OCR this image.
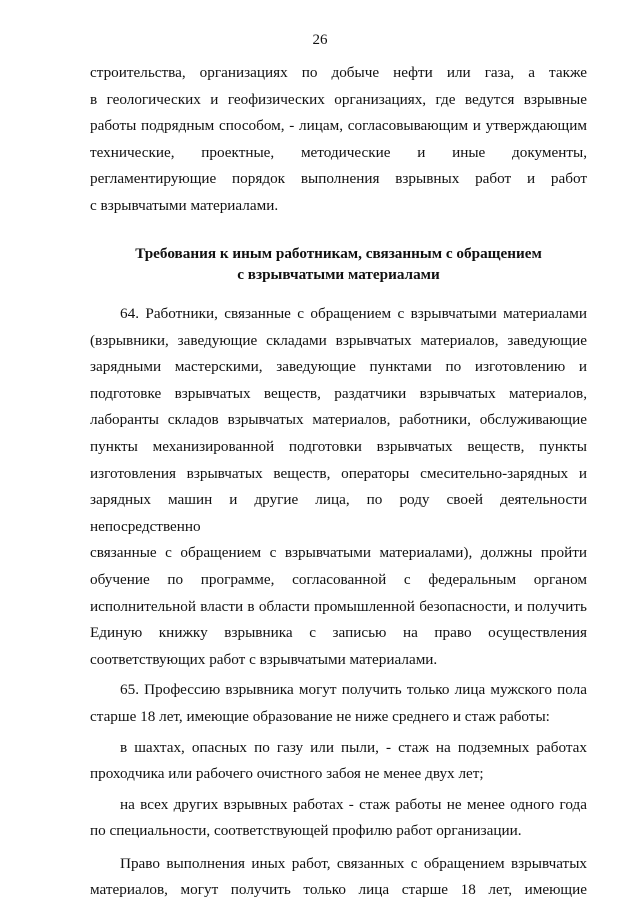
26

строительства, организациях по добыче нефти или газа, а также

в геологических и геофизических организациях, где ведутся взрывные

работы подрядным способом, - лицам, согласовывающим и утверждающим

технические, проектные, методические и иные документы,

регламентирующие порядок выполнения взрывных работ и работ

с взрывчатыми материалами.

Требования к иным работникам, связанным с обращением
с взрывчатыми материалами

64. Работники, связанные с обращением с взрывчатыми материалами

(взрывники, заведующие складами взрывчатых материалов, заведующие

зарядными мастерскими, заведующие пунктами по изготовлению и

подготовке взрывчатых веществ, раздатчики взрывчатых материалов,

лаборанты складов взрывчатых материалов, работники, обслуживающие

пункты механизированной подготовки взрывчатых веществ, пункты

изготовления взрывчатых веществ, операторы смесительно-зарядных и

зарядных машин и другие лица, по роду своей деятельности непосредственно

связанные с обращением с взрывчатыми материалами), должны пройти

обучение по программе, согласованной с федеральным органом

исполнительной власти в области промышленной безопасности, и получить

Единую книжку взрывника с записью на право осуществления

соответствующих работ с взрывчатыми материалами.

65. Профессию взрывника могут получить только лица мужского пола

старше 18 лет, имеющие образование не ниже среднего и стаж работы:

в шахтах, опасных по газу или пыли, - стаж на подземных работах

проходчика или рабочего очистного забоя не менее двух лет;

на всех других взрывных работах - стаж работы не менее одного года

по специальности, соответствующей профилю работ организации.

Право выполнения иных работ, связанных с обращением взрывчатых

материалов, могут получить только лица старше 18 лет, имеющие
